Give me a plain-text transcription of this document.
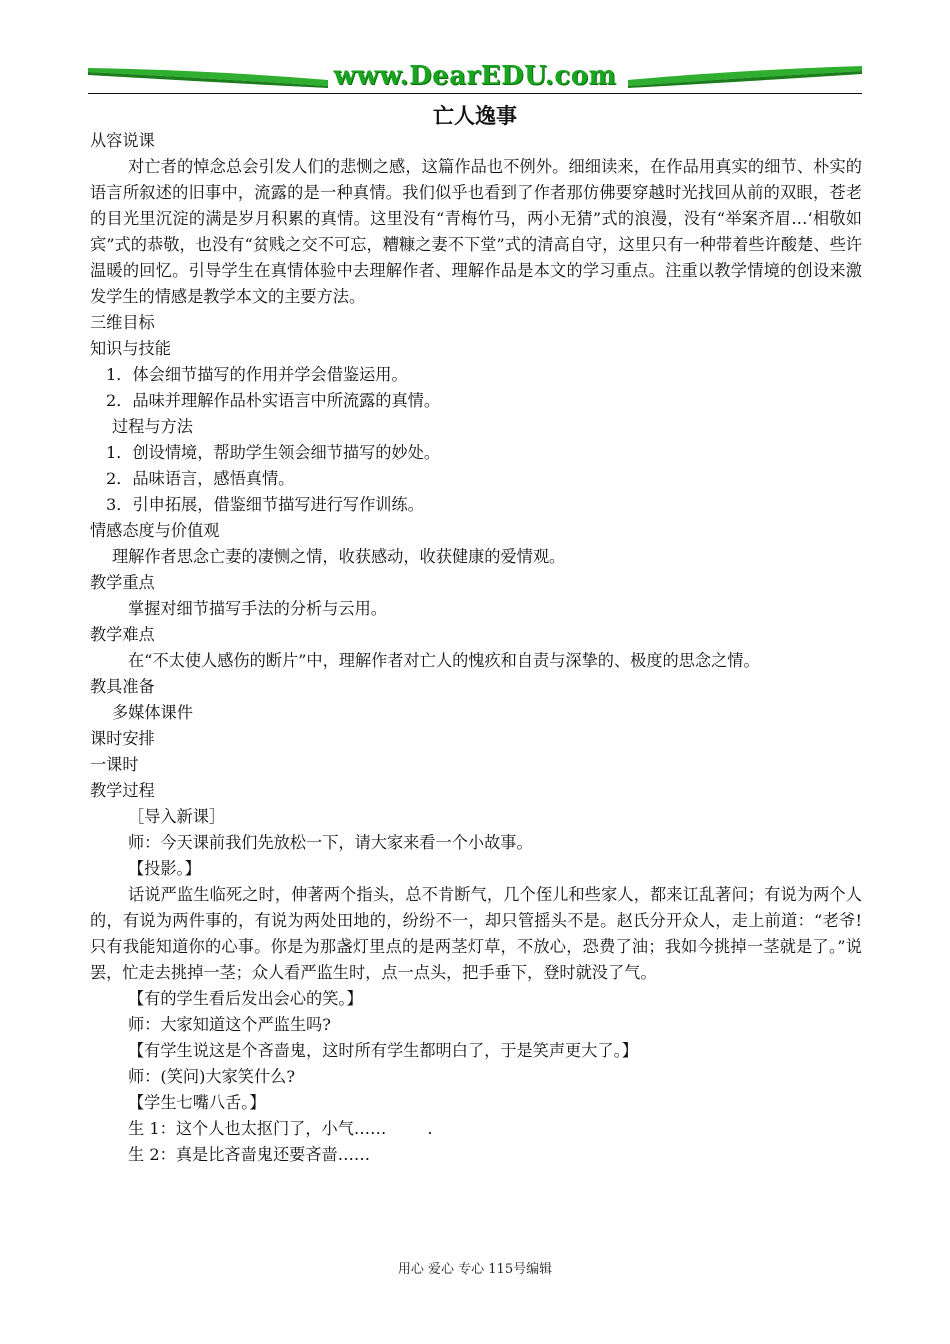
www.DearEDU.com
亡人逸事

从容说课

对亡者的悼念总会引发人们的悲恻之感，这篇作品也不例外。细细读来，在作品用真实的细节、朴实的语言所叙述的旧事中，流露的是一种真情。我们似乎也看到了作者那仿佛要穿越时光找回从前的双眼，苍老的目光里沉淀的满是岁月积累的真情。这里没有“青梅竹马，两小无猜”式的浪漫，没有“举案齐眉…‘相敬如宾”式的恭敬，也没有“贫贱之交不可忘，糟糠之妻不下堂”式的清高自守，这里只有一种带着些许酸楚、些许温暖的回忆。引导学生在真情体验中去理解作者、理解作品是本文的学习重点。注重以教学情境的创设来激发学生的情感是教学本文的主要方法。

三维目标

知识与技能

1．体会细节描写的作用并学会借鉴运用。

2．品味并理解作品朴实语言中所流露的真情。

过程与方法

1．创设情境，帮助学生领会细节描写的妙处。

2．品味语言，感悟真情。

3．引申拓展，借鉴细节描写进行写作训练。

情感态度与价值观

理解作者思念亡妻的凄恻之情，收获感动，收获健康的爱情观。

教学重点

掌握对细节描写手法的分析与云用。

教学难点

在“不太使人感伤的断片”中，理解作者对亡人的愧疚和自责与深挚的、极度的思念之情。

教具准备

多媒体课件

课时安排

一课时

教学过程

［导入新课］

师：今天课前我们先放松一下，请大家来看一个小故事。

【投影。】

话说严监生临死之时，伸著两个指头，总不肯断气，几个侄儿和些家人，都来讧乱著问；有说为两个人的，有说为两件事的，有说为两处田地的，纷纷不一，却只管摇头不是。赵氏分开众人，走上前道：“老爷!只有我能知道你的心事。你是为那盏灯里点的是两茎灯草，不放心，恐费了油；我如今挑掉一茎就是了。”说罢，忙走去挑掉一茎；众人看严监生时，点一点头，把手垂下，登时就没了气。

【有的学生看后发出会心的笑。】

师：大家知道这个严监生吗?

【有学生说这是个吝啬鬼，这时所有学生都明白了，于是笑声更大了。】

师：(笑问)大家笑什么?

【学生七嘴八舌。】

生 1：这个人也太抠门了，小气……        .

生 2：真是比吝啬鬼还要吝啬……

用心 爱心 专心 115号编辑
